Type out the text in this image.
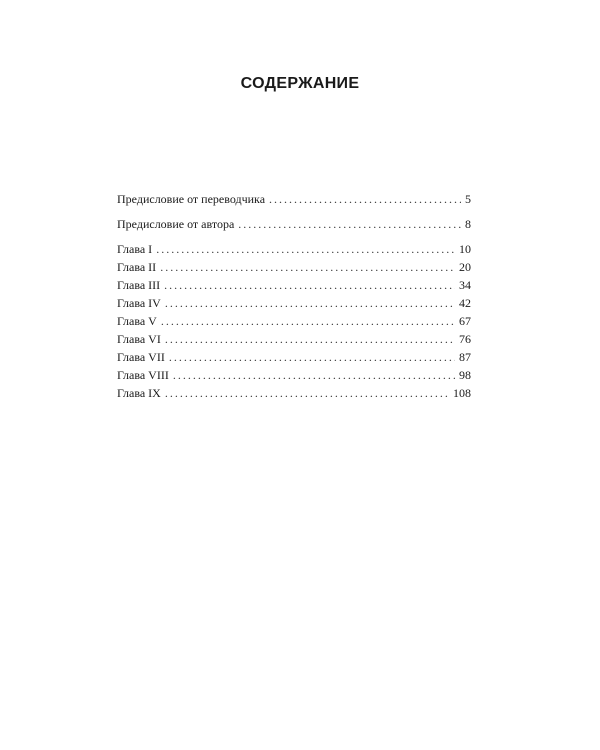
СОДЕРЖАНИЕ
Предисловие от переводчика .....	5
Предисловие от автора .....	8
Глава I .....	10
Глава II .....	20
Глава III .....	34
Глава IV .....	42
Глава V .....	67
Глава VI .....	76
Глава VII .....	87
Глава VIII .....	98
Глава IX .....	108
